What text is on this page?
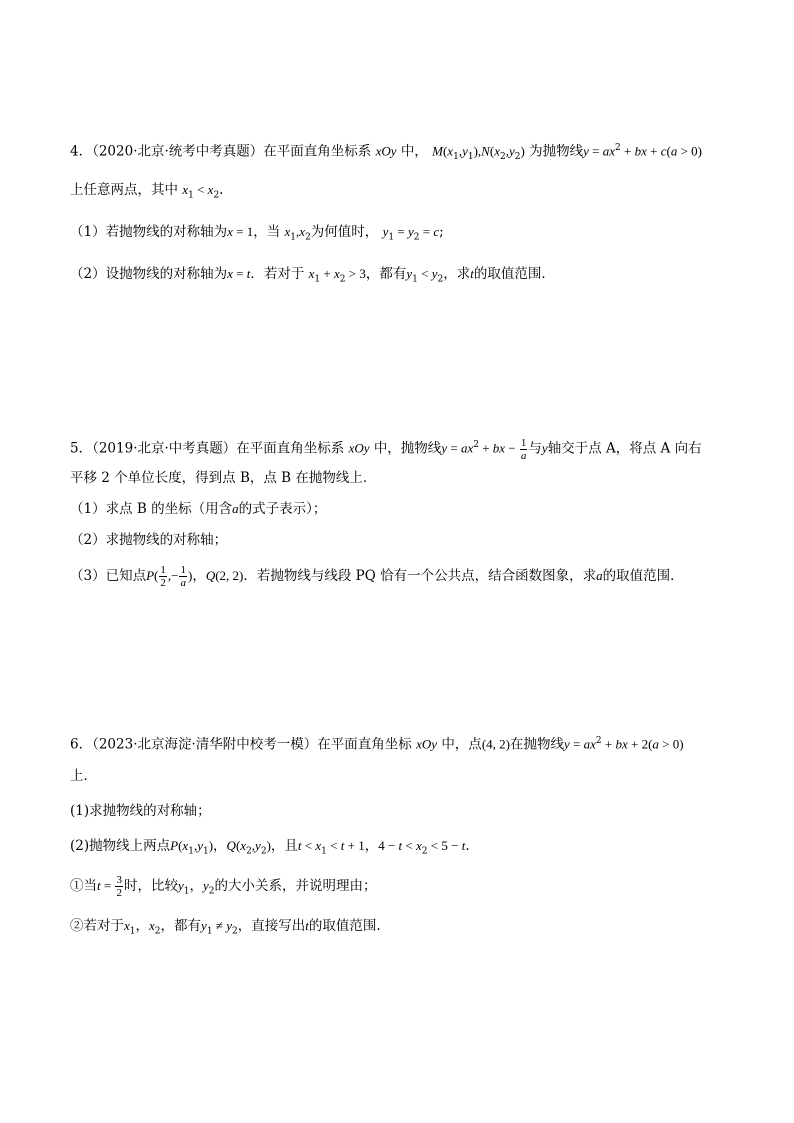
4．（2020·北京·统考中考真题）在平面直角坐标系 xOy 中， $M(x_1,y_1),N(x_2,y_2)$ 为抛物线$y = ax^2$ + bx + c(a > 0)
上任意两点，其中 $x_1 < x_2$.
（1）若抛物线的对称轴为x = 1，当 $x_1,x_2$为何值时， $y_1 = y_2 = c$;
（2）设抛物线的对称轴为x = t．若对于 $x_1 + x_2 > 3$，都有$y_1 < y_2$，求t的取值范围．
5．（2019·北京·中考真题）在平面直角坐标系 xOy 中，抛物线$y = ax^2$ + bx − $\frac{1}{a}$ 与y轴交于点 A，将点 A 向右
平移 2 个单位长度，得到点 B，点 B 在抛物线上．
（1）求点 B 的坐标（用含a的式子表示）；
（2）求抛物线的对称轴；
（3）已知点$P( \frac{1}{2}$ ,− $\frac{1}{a}$ )，Q(2, 2)．若抛物线与线段 PQ 恰有一个公共点，结合函数图象，求a的取值范围．
6．（2023·北京海淀·清华附中校考一模）在平面直角坐标 xOy 中，点(4, 2)在抛物线$y = ax^2$ + bx + 2(a > 0)
上．
(1)求抛物线的对称轴；
(2)抛物线上两点$P(x_1,y_1)$，$Q(x_2,y_2)$，且$t < x_1 < t + 1$，$4 - t < x_2 < 5 - t$.
①当$t = \frac{3}{2}$ 时，比较$y_1$，$y_2$的大小关系，并说明理由；
②若对于$x_1$，$x_2$，都有$y_1 \ne y_2$，直接写出t的取值范围.
